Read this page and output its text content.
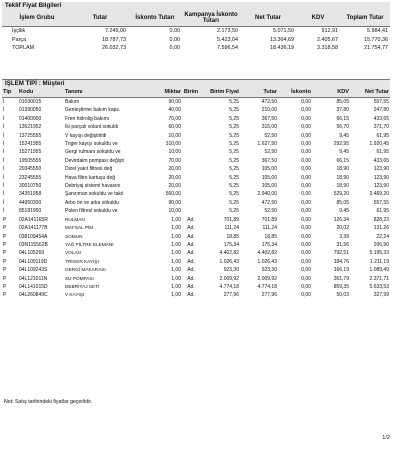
Teklif Fiyat Bilgileri
İşlem Grubu	Tutar	İskonto Tutarı	Kampanya İskonto Tutarı	Net Tutar	KDV	Toplam Tutar
İşçilik	7.245,00	0,00	2.173,50	5.071,50	912,91	5.984,41
Parça	18.787,73	0,00	5.423,04	13.364,69	2.405,67	15.770,36
TOPLAM	26.032,73	0,00	7.596,54	18.436,19	3.318,58	21.754,77
İŞLEM TİPİ : Müşteri
Tip	Kodu	Tanımı	Miktar	Birim	Birim Fiyat	Tutar	İskonto	KDV	Net Tutar
İ	01030015	Bakım	90,00		5,25	472,50	0,00	85,05	557,55
İ	01390050	Genleştirme bakım kaps.	40,00		5,25	210,00	0,00	37,80	247,80
İ	01400000	Fren hidrolig bakımı	70,00		5,25	367,50	0,00	66,15	433,65
İ	13621952	İki parçalı volant sokuldı	60,00		5,25	315,00	0,00	56,70	371,70
İ	13725555	V kayışı değiştirildi	10,00		5,25	52,50	0,00	9,45	61,95
İ	15241955	Triger kayışı sokuldu ve	310,00		5,25	1.627,50	0,00	292,95	1.920,45
İ	15271955	Gergi rulmanı sokuldu ve	10,00		5,25	52,50	0,00	9,45	61,95
İ	19505555	Devirdaim pompası değişti	70,00		5,25	367,50	0,00	66,15	433,65
İ	20345550	Dizel yakıt filtresi değ	20,00		5,25	105,00	0,00	18,90	123,90
İ	23245555	Hava filtre kartuşu değ	20,00		5,25	105,00	0,00	18,90	123,90
İ	30010750	Debriyaj sistemi havasını	20,00		5,25	105,00	0,00	18,90	123,90
İ	34351958	Şanzıman sokuldu ve takıl	560,00		5,25	2.940,00	0,00	529,20	3.469,20
İ	44950300	Arbo ön ve arka sökuldu	90,00		5,25	472,50	0,00	85,05	557,55
İ	85181950	Polen filtresi sokuldu ve	10,00		5,25	52,50	0,00	9,45	61,95
P	02A141165R	RULMAN	1,00	Ad.	701,89	701,89	0,00	126,34	828,23
P	02A141177B	MAFSAL PİM	1,00	Ad.	111,24	111,24	0,00	20,02	131,26
P	038109454A	SOMUN	1,00	Ad.	18,85	18,85	0,00	3,39	22,24
P	03N115562B	YAĞ FİLTRE ELEMANI	1,00	Ad.	175,34	175,34	0,00	31,56	206,90
P	04L105269	VOLAN	1,00	Ad.	4.402,82	4.402,82	0,00	792,51	5.195,33
P	04L109119D	TRİGER KAYIŞI	1,00	Ad.	1.026,43	1.026,43	0,00	184,76	1.211,19
P	04L109243S	GERGİ MAKARASI	1,00	Ad.	923,30	923,30	0,00	166,19	1.089,49
P	04L121011N	SU POMPASI	1,00	Ad.	2.009,92	2.009,92	0,00	361,79	2.371,71
P	04L141015D	DEBRİYAJ SETİ	1,00	Ad.	4.774,18	4.774,18	0,00	859,35	5.633,53
P	04L260849C	V KAYIŞI	1,00	Ad.	277,96	277,96	0,00	50,03	327,99
Not: Satış tarihindeki fiyatlar geçerlidir.
1/2
